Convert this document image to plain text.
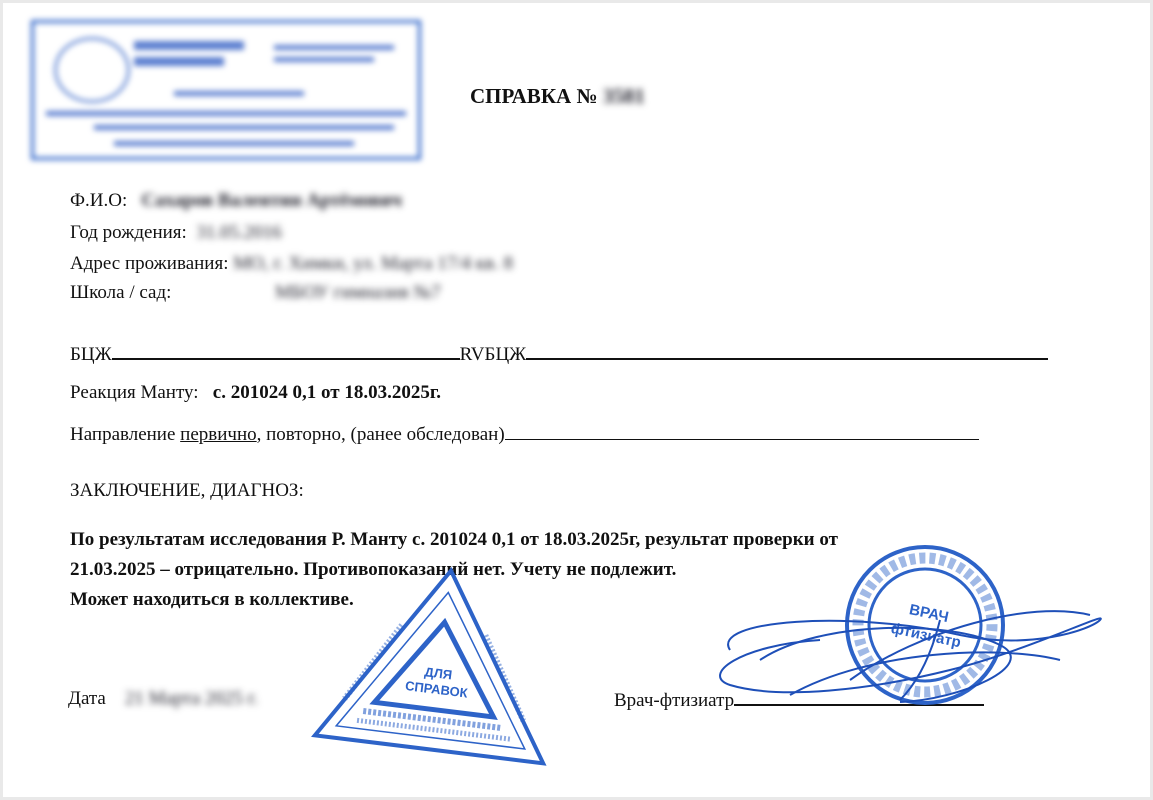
СПРАВКА № 3581
Ф.И.О: Сахаров Валентин Артёмович
Год рождения: 31.05.2016
Адрес проживания: МО, г. Химки, ул. Марта 17/4 кв. 8
Школа / сад:	МБОУ гимназия №7
БЦЖ	RVБЦЖ
Реакция Манту: с. 201024 0,1 от 18.03.2025г.
Направление первично, повторно, (ранее обследован)
ЗАКЛЮЧЕНИЕ, ДИАГНОЗ:
По результатам исследования Р. Манту с. 201024 0,1 от 18.03.2025г, результат проверки от
21.03.2025 – отрицательно. Противопоказаний нет. Учету не подлежит.
Может находиться в коллективе.
Дата 21 Марта 2025 г.	Врач-фтизиатр
ДЛЯ
СПРАВОК
ВРАЧ
фтизиатр
